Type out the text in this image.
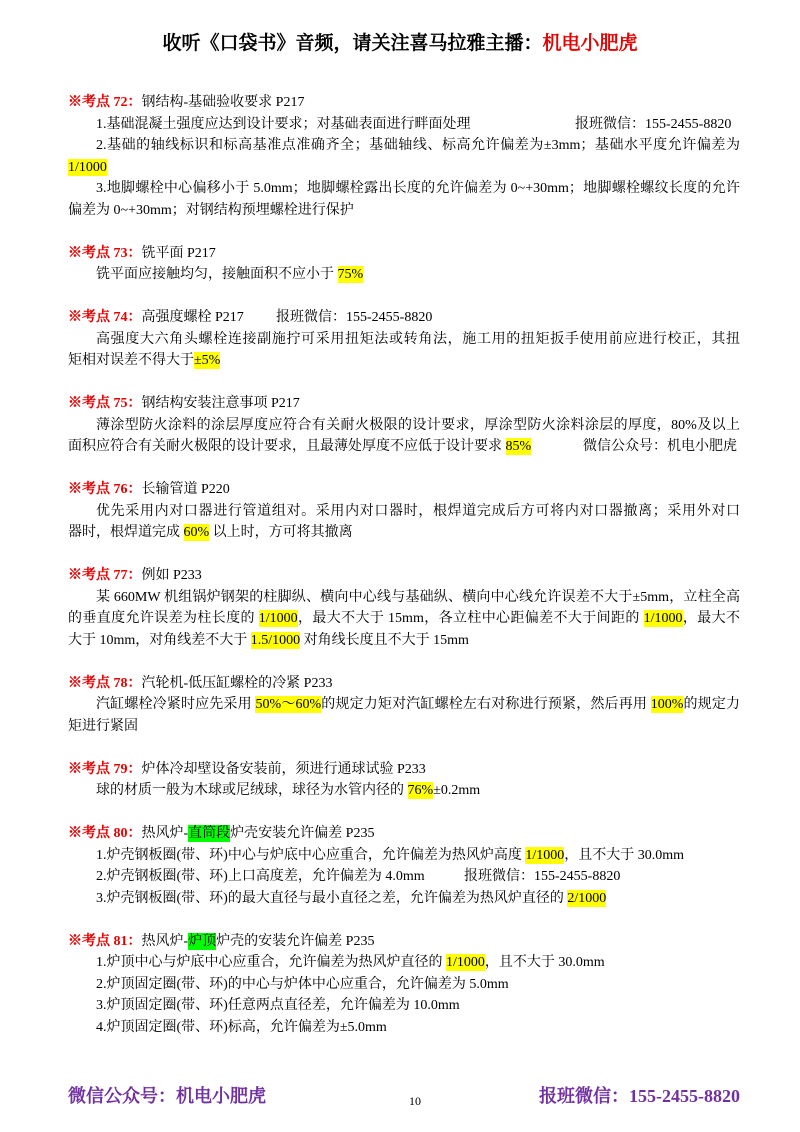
收听《口袋书》音频，请关注喜马拉雅主播：机电小肥虎
※考点 72：钢结构-基础验收要求 P217
1.基础混凝土强度应达到设计要求；对基础表面进行畔面处理	报班微信：155-2455-8820
2.基础的轴线标识和标高基准点准确齐全；基础轴线、标高允许偏差为±3mm；基础水平度允许偏差为
1/1000
3.地脚螺栓中心偏移小于 5.0mm；地脚螺栓露出长度的允许偏差为 0~+30mm；地脚螺栓螺纹长度的允许
偏差为 0~+30mm；对钢结构预埋螺栓进行保护
※考点 73：铣平面 P217
铣平面应接触均匀，接触面积不应小于 75%
※考点 74：高强度螺栓 P217 报班微信：155-2455-8820
高强度大六角头螺栓连接副施拧可采用扭矩法或转角法，施工用的扭矩扳手使用前应进行校正，其扭
矩相对误差不得大于±5%
※考点 75：钢结构安装注意事项 P217
薄涂型防火涂料的涂层厚度应符合有关耐火极限的设计要求，厚涂型防火涂料涂层的厚度，80%及以上
面积应符合有关耐火极限的设计要求，且最薄处厚度不应低于设计要求 85%	微信公众号：机电小肥虎
※考点 76：长输管道 P220
优先采用内对口器进行管道组对。采用内对口器时，根焊道完成后方可将内对口器撤离；采用外对口
器时，根焊道完成 60% 以上时，方可将其撤离
※考点 77：例如 P233
某 660MW 机组锅炉钢架的柱脚纵、横向中心线与基础纵、横向中心线允许误差不大于±5mm，立柱全高
的垂直度允许误差为柱长度的 1/1000，最大不大于 15mm，各立柱中心距偏差不大于间距的 1/1000，最大不
大于 10mm，对角线差不大于 1.5/1000 对角线长度且不大于 15mm
※考点 78：汽轮机-低压缸螺栓的冷紧 P233
汽缸螺栓冷紧时应先采用 50%～60%的规定力矩对汽缸螺栓左右对称进行预紧，然后再用 100%的规定力
矩进行紧固
※考点 79：炉体冷却壁设备安装前，须进行通球试验 P233
球的材质一般为木球或尼绒球，球径为水管内径的 76%±0.2mm
※考点 80：热风炉-直筒段炉壳安装允许偏差 P235
1.炉壳钢板圈(带、环)中心与炉底中心应重合，允许偏差为热风炉高度 1/1000，且不大于 30.0mm
2.炉壳钢板圈(带、环)上口高度差，允许偏差为 4.0mm	报班微信：155-2455-8820
3.炉壳钢板圈(带、环)的最大直径与最小直径之差，允许偏差为热风炉直径的 2/1000
※考点 81：热风炉-炉顶炉壳的安装允许偏差 P235
1.炉顶中心与炉底中心应重合，允许偏差为热风炉直径的 1/1000，且不大于 30.0mm
2.炉顶固定圈(带、环)的中心与炉体中心应重合，允许偏差为 5.0mm
3.炉顶固定圈(带、环)任意两点直径差，允许偏差为 10.0mm
4.炉顶固定圈(带、环)标高，允许偏差为±5.0mm
微信公众号：机电小肥虎	10	报班微信：155-2455-8820
